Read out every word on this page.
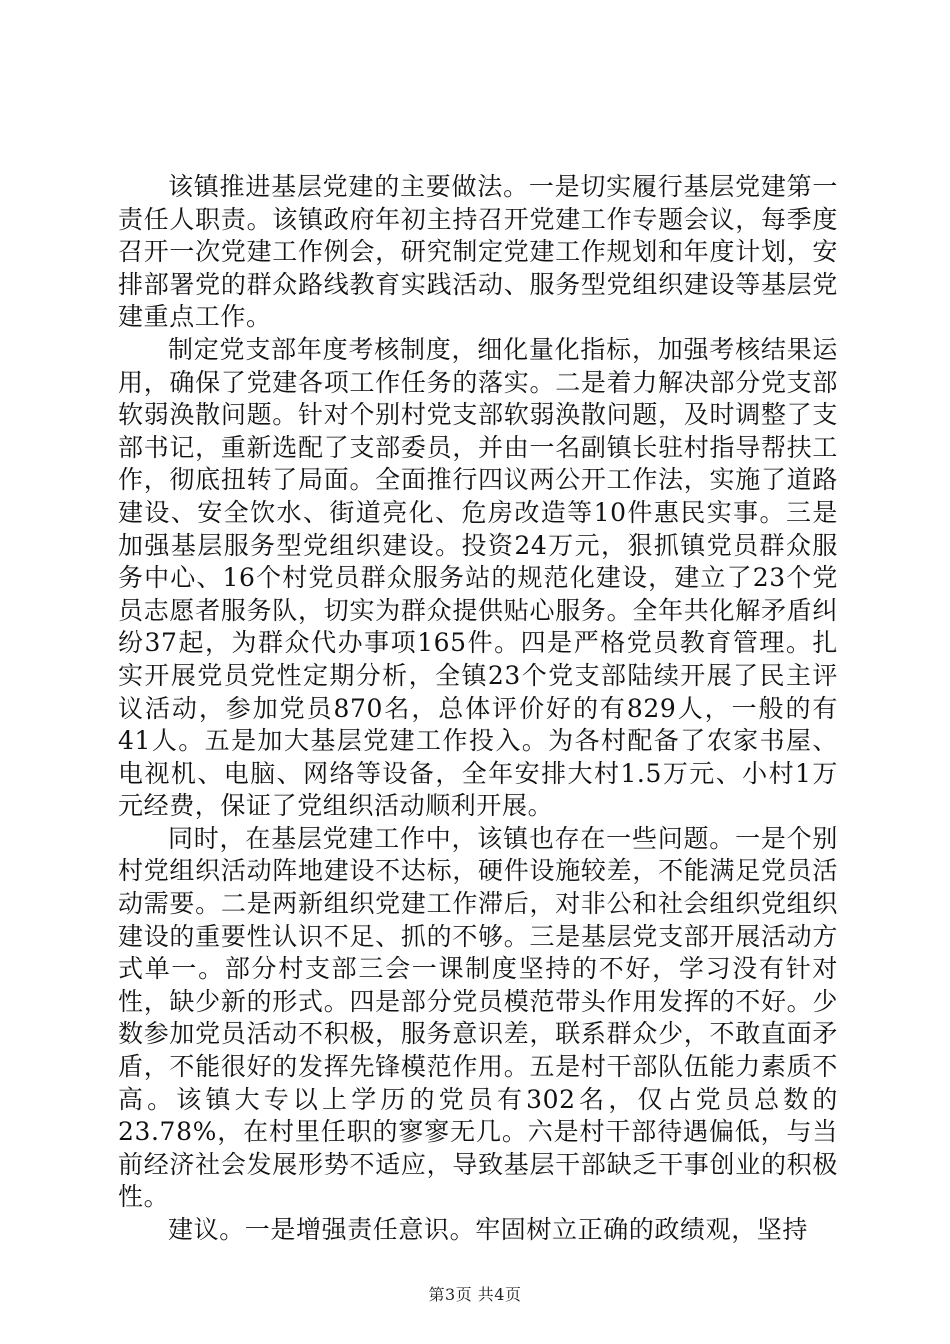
该镇推进基层党建的主要做法。一是切实履行基层党建第一责任人职责。该镇政府年初主持召开党建工作专题会议，每季度召开一次党建工作例会，研究制定党建工作规划和年度计划，安排部署党的群众路线教育实践活动、服务型党组织建设等基层党建重点工作。

制定党支部年度考核制度，细化量化指标，加强考核结果运用，确保了党建各项工作任务的落实。二是着力解决部分党支部软弱涣散问题。针对个别村党支部软弱涣散问题，及时调整了支部书记，重新选配了支部委员，并由一名副镇长驻村指导帮扶工作，彻底扭转了局面。全面推行四议两公开工作法，实施了道路建设、安全饮水、街道亮化、危房改造等10件惠民实事。三是加强基层服务型党组织建设。投资24万元，狠抓镇党员群众服务中心、16个村党员群众服务站的规范化建设，建立了23个党员志愿者服务队，切实为群众提供贴心服务。全年共化解矛盾纠纷37起，为群众代办事项165件。四是严格党员教育管理。扎实开展党员党性定期分析，全镇23个党支部陆续开展了民主评议活动，参加党员870名，总体评价好的有829人，一般的有41人。五是加大基层党建工作投入。为各村配备了农家书屋、电视机、电脑、网络等设备，全年安排大村1.5万元、小村1万元经费，保证了党组织活动顺利开展。

同时，在基层党建工作中，该镇也存在一些问题。一是个别村党组织活动阵地建设不达标，硬件设施较差，不能满足党员活动需要。二是两新组织党建工作滞后，对非公和社会组织党组织建设的重要性认识不足、抓的不够。三是基层党支部开展活动方式单一。部分村支部三会一课制度坚持的不好，学习没有针对性，缺少新的形式。四是部分党员模范带头作用发挥的不好。少数参加党员活动不积极，服务意识差，联系群众少，不敢直面矛盾，不能很好的发挥先锋模范作用。五是村干部队伍能力素质不高。该镇大专以上学历的党员有302名，仅占党员总数的23.78%，在村里任职的寥寥无几。六是村干部待遇偏低，与当前经济社会发展形势不适应，导致基层干部缺乏干事创业的积极性。

建议。一是增强责任意识。牢固树立正确的政绩观，坚持

第3页 共4页
